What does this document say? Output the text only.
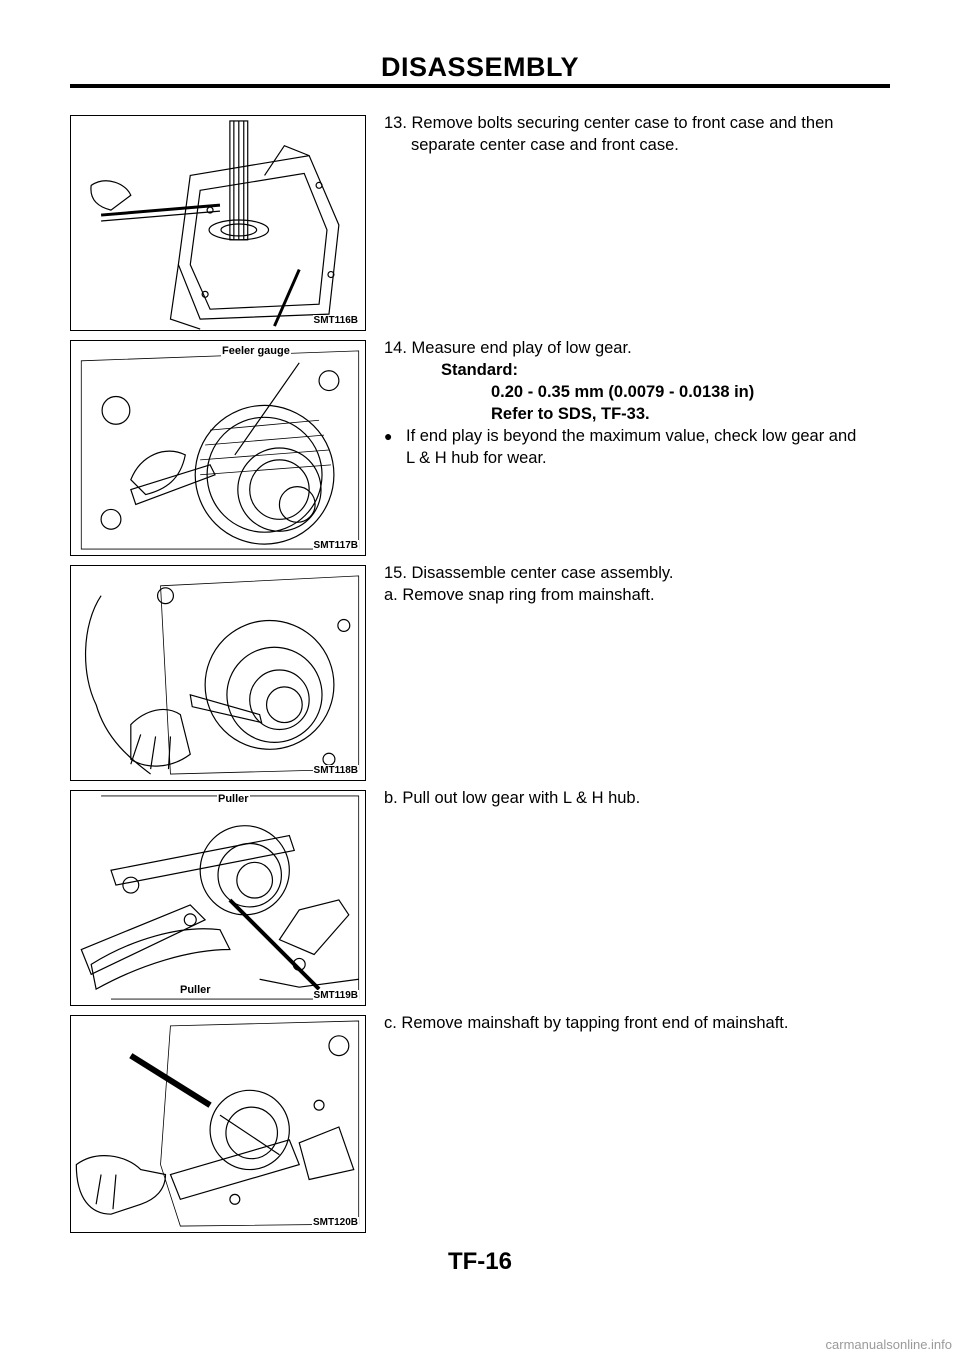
DISASSEMBLY
SMT116B
Feeler gauge
SMT117B
SMT118B
Puller
Puller	SMT119B
SMT120B
13. Remove bolts securing center case to front case and then
separate center case and front case.
14. Measure end play of low gear.
Standard:
0.20 - 0.35 mm (0.0079 - 0.0138 in)
Refer to SDS, TF-33.
● If end play is beyond the maximum value, check low gear and
L & H hub for wear.
15. Disassemble center case assembly.
a. Remove snap ring from mainshaft.
b. Pull out low gear with L & H hub.
c. Remove mainshaft by tapping front end of mainshaft.
TF-16
carmanualsonline.info
